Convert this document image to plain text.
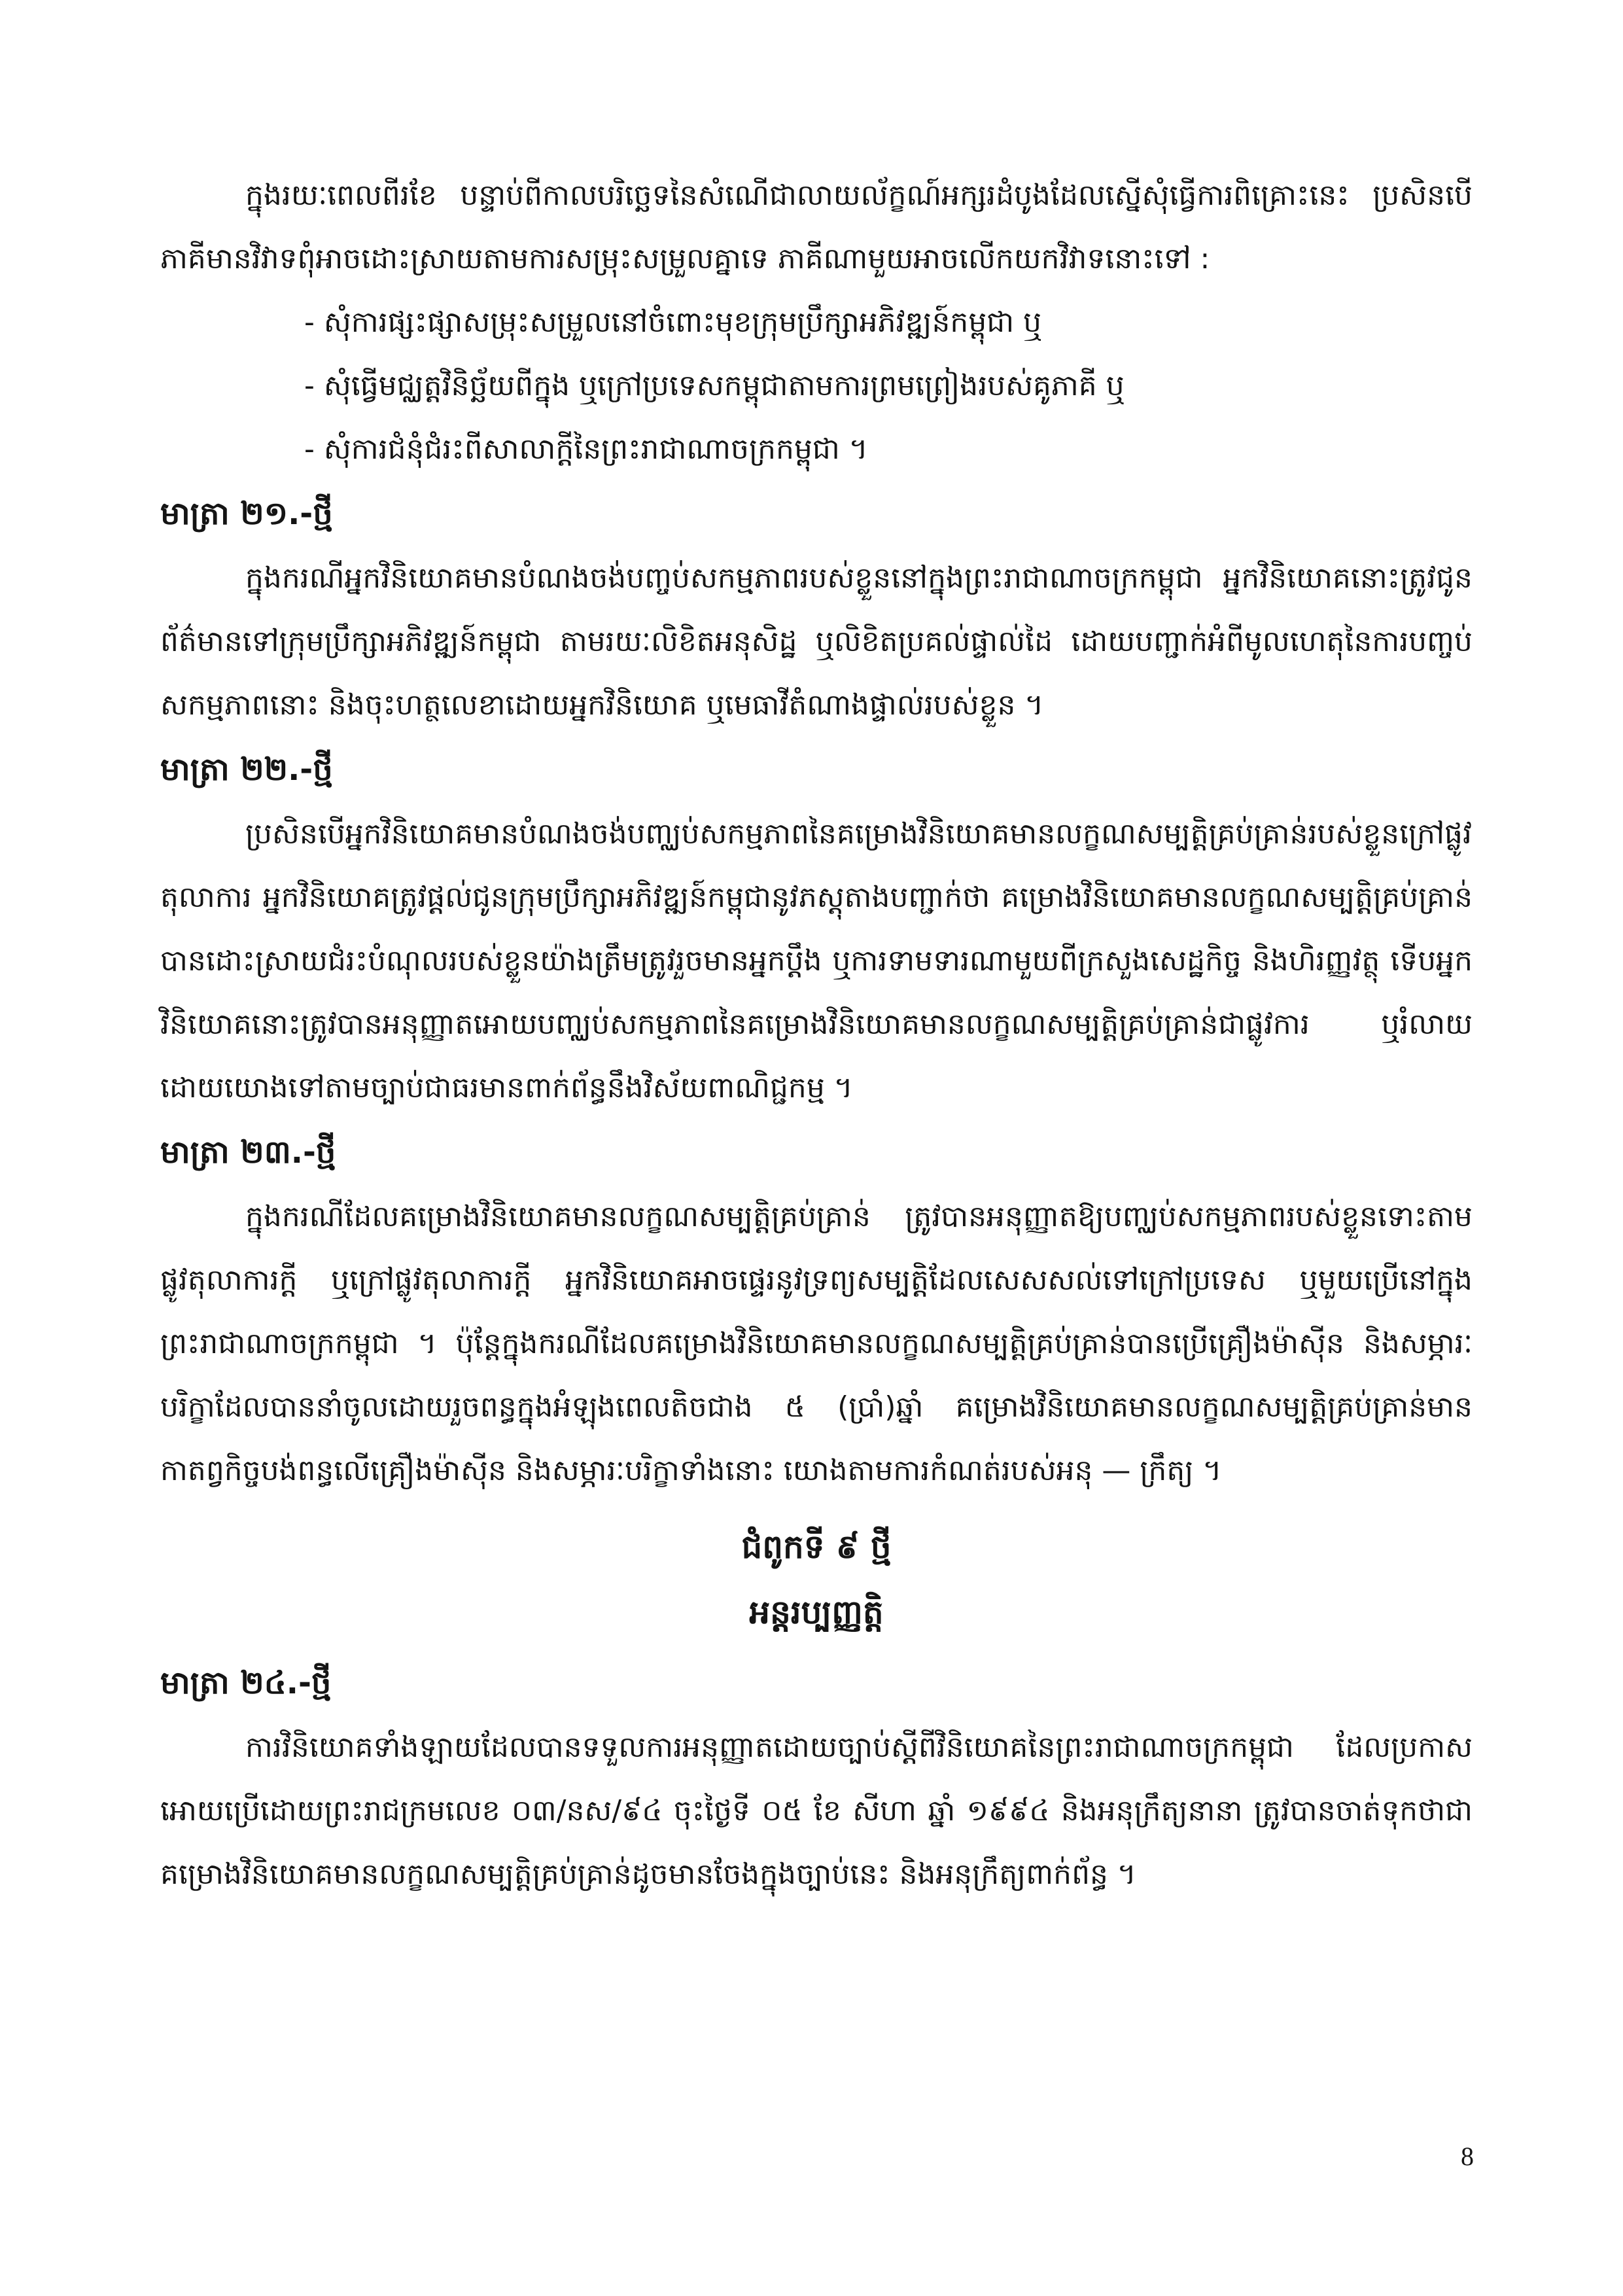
ក្នុងរយៈពេលពីរខែ បន្ទាប់ពីកាលបរិច្ឆេទនៃសំណើជាលាយល័ក្ខណ៍អក្សរដំបូងដែលស្នើសុំធ្វើការពិគ្រោះនេះ ប្រសិនបើភាគីមានវិវាទពុំអាចដោះស្រាយតាមការសម្រុះសម្រួលគ្នាទេ ភាគីណាមួយអាចលើកយកវិវាទនោះទៅ :

- សុំការផ្សះផ្សាសម្រុះសម្រួលនៅចំពោះមុខក្រុមប្រឹក្សាអភិវឌ្ឍន៍កម្ពុជា ឬ
- សុំធ្វើមជ្ឈត្តវិនិច្ឆ័យពីក្នុង ឬក្រៅប្រទេសកម្ពុជាតាមការព្រមព្រៀងរបស់គូភាគី ឬ
- សុំការជំនុំជំរះពីសាលាក្តីនៃព្រះរាជាណាចក្រកម្ពុជា ។
មាត្រា ២១.-ថ្មី

ក្នុងករណីអ្នកវិនិយោគមានបំណងចង់បញ្ចប់សកម្មភាពរបស់ខ្លួននៅក្នុងព្រះរាជាណាចក្រកម្ពុជា អ្នកវិនិយោគនោះត្រូវជូនព័ត៌មានទៅក្រុមប្រឹក្សាអភិវឌ្ឍន៍កម្ពុជា តាមរយៈលិខិតអនុសិដ្ឋ ឬលិខិតប្រគល់ផ្ទាល់ដៃ ដោយបញ្ជាក់អំពីមូលហេតុនៃការបញ្ចប់សកម្មភាពនោះ និងចុះហត្ថលេខាដោយអ្នកវិនិយោគ ឬមេធាវីតំណាងផ្ទាល់របស់ខ្លួន ។

មាត្រា ២២.-ថ្មី

ប្រសិនបើអ្នកវិនិយោគមានបំណងចង់បញ្ឈប់សកម្មភាពនៃគម្រោងវិនិយោគមានលក្ខណសម្បត្តិគ្រប់គ្រាន់របស់ខ្លួនក្រៅផ្លូវតុលាការ អ្នកវិនិយោគត្រូវផ្តល់ជូនក្រុមប្រឹក្សាអភិវឌ្ឍន៍កម្ពុជានូវភស្តុតាងបញ្ជាក់ថា គម្រោងវិនិយោគមានលក្ខណសម្បត្តិគ្រប់គ្រាន់បានដោះស្រាយជំរះបំណុលរបស់ខ្លួនយ៉ាងត្រឹមត្រូវរួចមានអ្នកប្តឹង ឬការទាមទារណាមួយពីក្រសួងសេដ្ឋកិច្ច និងហិរញ្ញវត្ថុ ទើបអ្នកវិនិយោគនោះត្រូវបានអនុញ្ញាតអោយបញ្ឈប់សកម្មភាពនៃគម្រោងវិនិយោគមានលក្ខណសម្បត្តិគ្រប់គ្រាន់ជាផ្លូវការ ឬរំលាយដោយយោងទៅតាមច្បាប់ជាធរមានពាក់ព័ន្ធនឹងវិស័យពាណិជ្ជកម្ម ។

មាត្រា ២៣.-ថ្មី

ក្នុងករណីដែលគម្រោងវិនិយោគមានលក្ខណសម្បត្តិគ្រប់គ្រាន់ ត្រូវបានអនុញ្ញាតឱ្យបញ្ឈប់សកម្មភាពរបស់ខ្លួនទោះតាមផ្លូវតុលាការក្តី ឬក្រៅផ្លូវតុលាការក្តី អ្នកវិនិយោគអាចផ្ទេរនូវទ្រព្យសម្បត្តិដែលសេសសល់ទៅក្រៅប្រទេស ឬមួយប្រើនៅក្នុងព្រះរាជាណាចក្រកម្ពុជា ។ ប៉ុន្តែក្នុងករណីដែលគម្រោងវិនិយោគមានលក្ខណសម្បត្តិគ្រប់គ្រាន់បានប្រើគ្រឿងម៉ាស៊ីន និងសម្ភារៈបរិក្ខាដែលបាននាំចូលដោយរួចពន្ធក្នុងអំឡុងពេលតិចជាង ៥ (ប្រាំ)ឆ្នាំ គម្រោងវិនិយោគមានលក្ខណសម្បត្តិគ្រប់គ្រាន់មានកាតព្វកិច្ចបង់ពន្ធលើគ្រឿងម៉ាស៊ីន និងសម្ភារៈបរិក្ខាទាំងនោះ យោងតាមការកំណត់របស់អនុ — ក្រឹត្យ ។

ជំពូកទី ៩ ថ្មី
អន្តរប្បញ្ញត្តិ
មាត្រា ២៤.-ថ្មី

ការវិនិយោគទាំងឡាយដែលបានទទួលការអនុញ្ញាតដោយច្បាប់ស្តីពីវិនិយោគនៃព្រះរាជាណាចក្រកម្ពុជា ដែលប្រកាសអោយប្រើដោយព្រះរាជក្រមលេខ ០៣/នស/៩៤ ចុះថ្ងៃទី ០៥ ខែ សីហា ឆ្នាំ ១៩៩៤ និងអនុក្រឹត្យនានា ត្រូវបានចាត់ទុកថាជាគម្រោងវិនិយោគមានលក្ខណសម្បត្តិគ្រប់គ្រាន់ដូចមានចែងក្នុងច្បាប់នេះ និងអនុក្រឹត្យពាក់ព័ន្ធ ។

8
